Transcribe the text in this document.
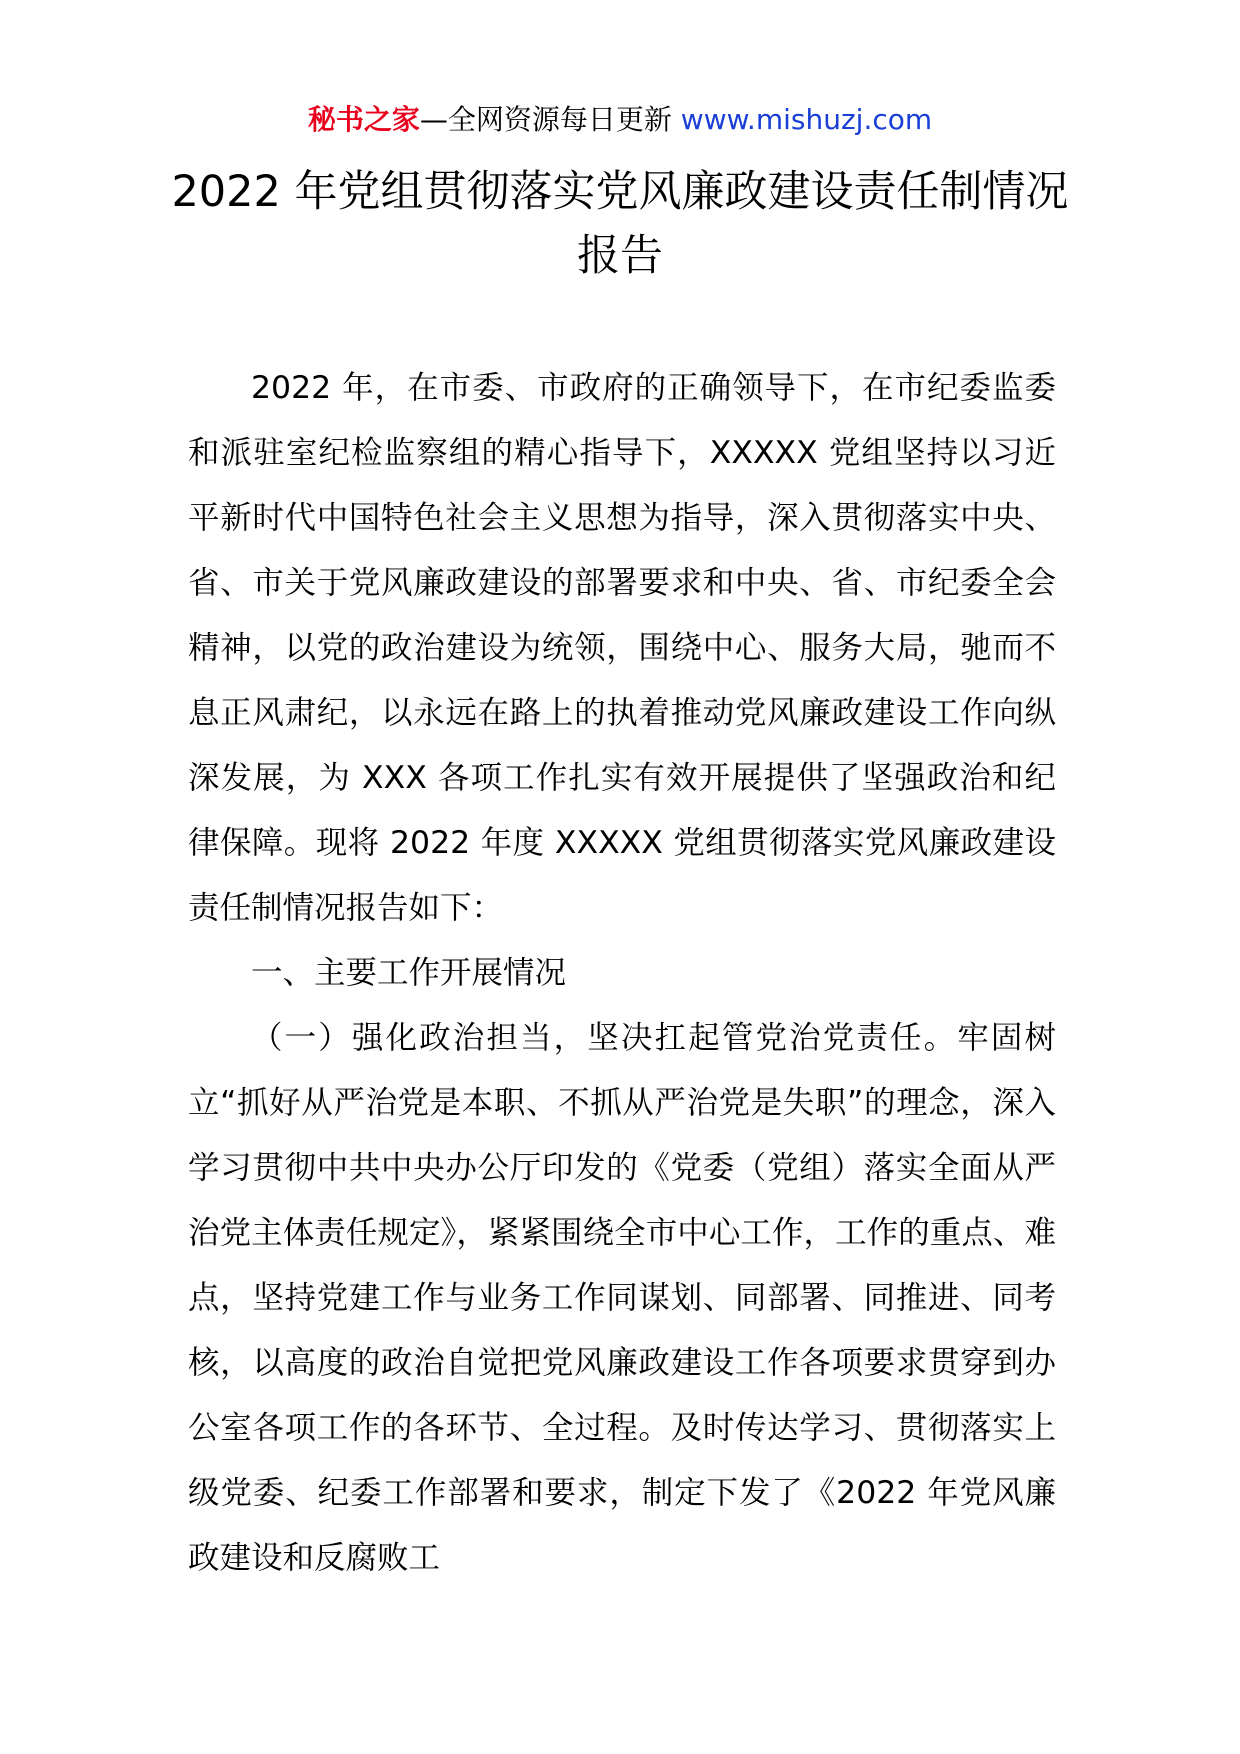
秘书之家—全网资源每日更新 www.mishuzj.com
2022 年党组贯彻落实党风廉政建设责任制情况报告

2022 年，在市委、市政府的正确领导下，在市纪委监委和派驻室纪检监察组的精心指导下，XXXXX 党组坚持以习近平新时代中国特色社会主义思想为指导，深入贯彻落实中央、省、市关于党风廉政建设的部署要求和中央、省、市纪委全会精神，以党的政治建设为统领，围绕中心、服务大局，驰而不息正风肃纪，以永远在路上的执着推动党风廉政建设工作向纵深发展，为 XXX 各项工作扎实有效开展提供了坚强政治和纪律保障。现将 2022 年度 XXXXX 党组贯彻落实党风廉政建设责任制情况报告如下：

一、主要工作开展情况

（一）强化政治担当，坚决扛起管党治党责任。牢固树立“抓好从严治党是本职、不抓从严治党是失职”的理念，深入学习贯彻中共中央办公厅印发的《党委（党组）落实全面从严治党主体责任规定》，紧紧围绕全市中心工作，工作的重点、难点，坚持党建工作与业务工作同谋划、同部署、同推进、同考核，以高度的政治自觉把党风廉政建设工作各项要求贯穿到办公室各项工作的各环节、全过程。及时传达学习、贯彻落实上级党委、纪委工作部署和要求，制定下发了《2022 年党风廉政建设和反腐败工
